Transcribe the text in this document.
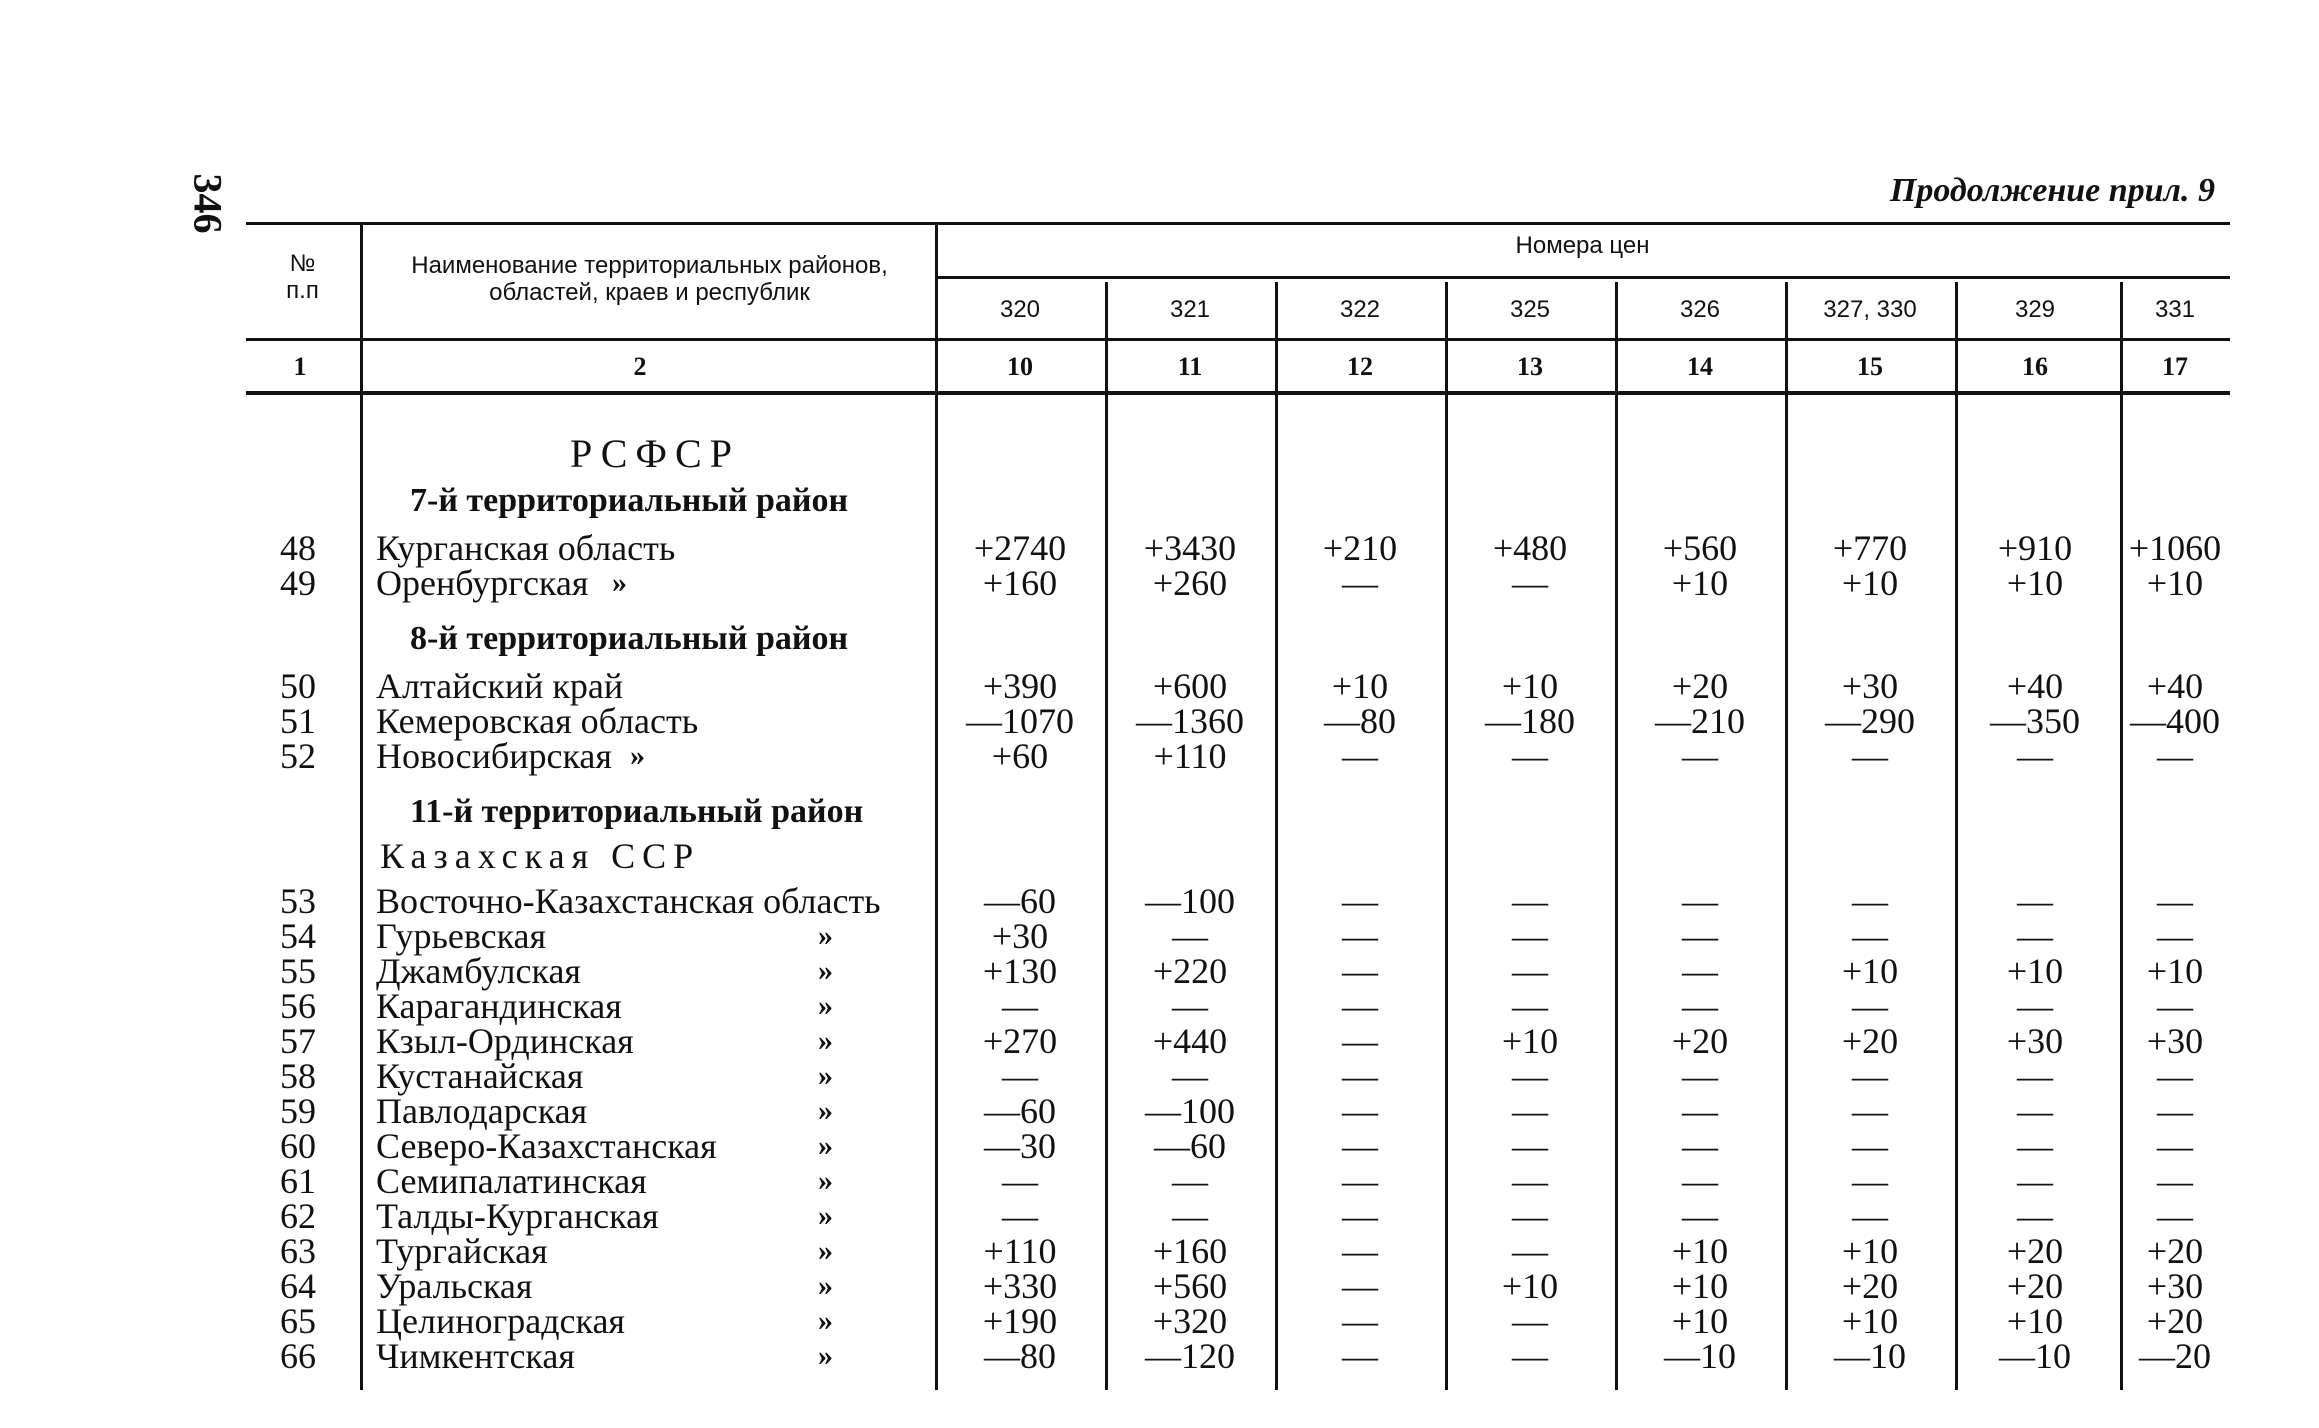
346	Продолжение прил. 9
№
п.п
Наименование территориальных районов, областей, краев и республик
Номера цен
320	321	322	325	326	327, 330	329	331
1	2	10	11	12	13	14	15	16	17
РСФСР
7-й территориальный район
48	Курганская область	+2740	+3430	+210	+480	+560	+770	+910	+1060
49	Оренбургская »	+160	+260	—	—	+10	+10	+10	+10
8-й территориальный район
50	Алтайский край	+390	+600	+10	+10	+20	+30	+40	+40
51	Кемеровская область	—1070	—1360	—80	—180	—210	—290	—350	—400
52	Новосибирская »	+60	+110	—	—	—	—	—	—
11-й территориальный район
Казахская ССР
53	Восточно-Казахстанская область	—60	—100	—	—	—	—	—	—
54	Гурьевская	»	+30	—	—	—	—	—	—	—
55	Джамбулская	»	+130	+220	—	—	—	+10	+10	+10
56	Карагандинская	»	—	—	—	—	—	—	—	—
57	Кзыл-Ординская	»	+270	+440	—	+10	+20	+20	+30	+30
58	Кустанайская	»	—	—	—	—	—	—	—	—
59	Павлодарская	»	—60	—100	—	—	—	—	—	—
60	Северо-Казахстанская	»	—30	—60	—	—	—	—	—	—
61	Семипалатинская	»	—	—	—	—	—	—	—	—
62	Талды-Курганская	»	—	—	—	—	—	—	—	—
63	Тургайская	»	+110	+160	—	—	+10	+10	+20	+20
64	Уральская	»	+330	+560	—	+10	+10	+20	+20	+30
65	Целиноградская	»	+190	+320	—	—	+10	+10	+10	+20
66	Чимкентская	»	—80	—120	—	—	—10	—10	—10	—20
